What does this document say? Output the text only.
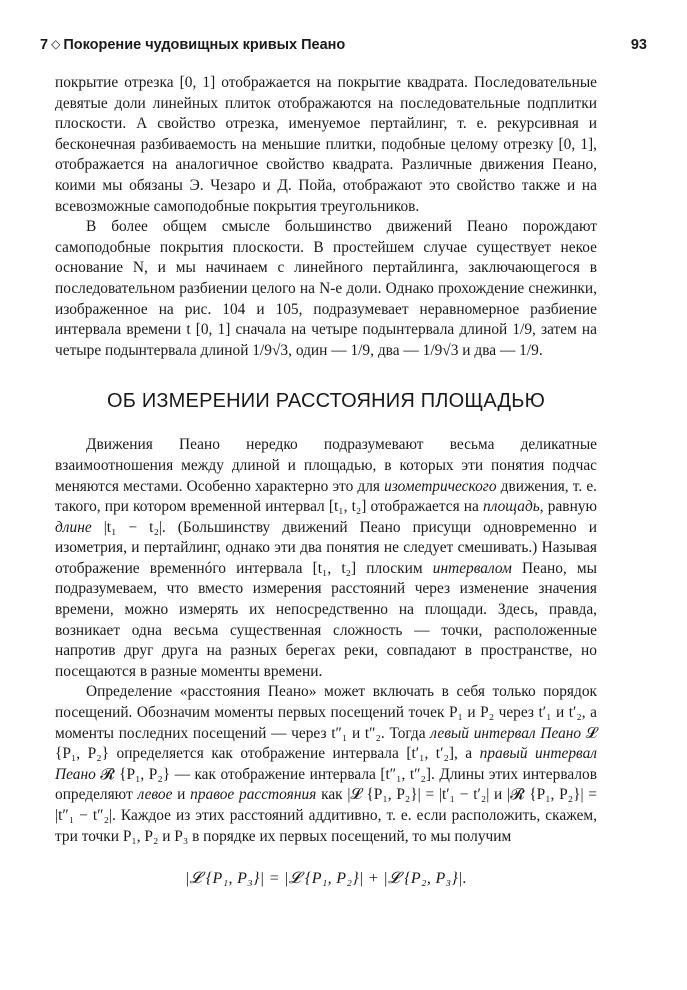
7 ◇ Покорение чудовищных кривых Пеано	93

покрытие отрезка [0, 1] отображается на покрытие квадрата. Последовательные девятые доли линейных плиток отображаются на последовательные подплитки плоскости. А свойство отрезка, именуемое пертайлинг, т. е. рекурсивная и бесконечная разбиваемость на меньшие плитки, подобные целому отрезку [0, 1], отображается на аналогичное свойство квадрата. Различные движения Пеано, коими мы обязаны Э. Чезаро и Д. Пойа, отображают это свойство также и на всевозможные самоподобные покрытия треугольников.

В более общем смысле большинство движений Пеано порождают самоподобные покрытия плоскости. В простейшем случае существует некое основание N, и мы начинаем с линейного пертайлинга, заключающегося в последовательном разбиении целого на N-е доли. Однако прохождение снежинки, изображенное на рис. 104 и 105, подразумевает неравномерное разбиение интервала времени t [0, 1] сначала на четыре подынтервала длиной 1/9, затем на четыре подынтервала длиной 1/9√3, один — 1/9, два — 1/9√3 и два — 1/9.

ОБ ИЗМЕРЕНИИ РАССТОЯНИЯ ПЛОЩАДЬЮ

Движения Пеано нередко подразумевают весьма деликатные взаимоотношения между длиной и площадью, в которых эти понятия подчас меняются местами. Особенно характерно это для изометрического движения, т. е. такого, при котором временной интервал [t₁, t₂] отображается на площадь, равную длине |t₁ − t₂|. (Большинству движений Пеано присущи одновременно и изометрия, и пертайлинг, однако эти два понятия не следует смешивать.) Называя отображение временнóго интервала [t₁, t₂] плоским интервалом Пеано, мы подразумеваем, что вместо измерения расстояний через изменение значения времени, можно измерять их непосредственно на площади. Здесь, правда, возникает одна весьма существенная сложность — точки, расположенные напротив друг друга на разных берегах реки, совпадают в пространстве, но посещаются в разные моменты времени.

Определение «расстояния Пеано» может включать в себя только порядок посещений. Обозначим моменты первых посещений точек P₁ и P₂ через t′₁ и t′₂, а моменты последних посещений — через t″₁ и t″₂. Тогда левый интервал Пеано 𝓛 {P₁, P₂} определяется как отображение интервала [t′₁, t′₂], а правый интервал Пеано 𝓡 {P₁, P₂} — как отображение интервала [t″₁, t″₂]. Длины этих интервалов определяют левое и правое расстояния как |𝓛 {P₁, P₂}| = |t′₁ − t′₂| и |𝓡 {P₁, P₂}| = |t″₁ − t″₂|. Каждое из этих расстояний аддитивно, т. е. если расположить, скажем, три точки P₁, P₂ и P₃ в порядке их первых посещений, то мы получим

|𝓛 {P₁, P₃}| = |𝓛 {P₁, P₂}| + |𝓛 {P₂, P₃}|.
